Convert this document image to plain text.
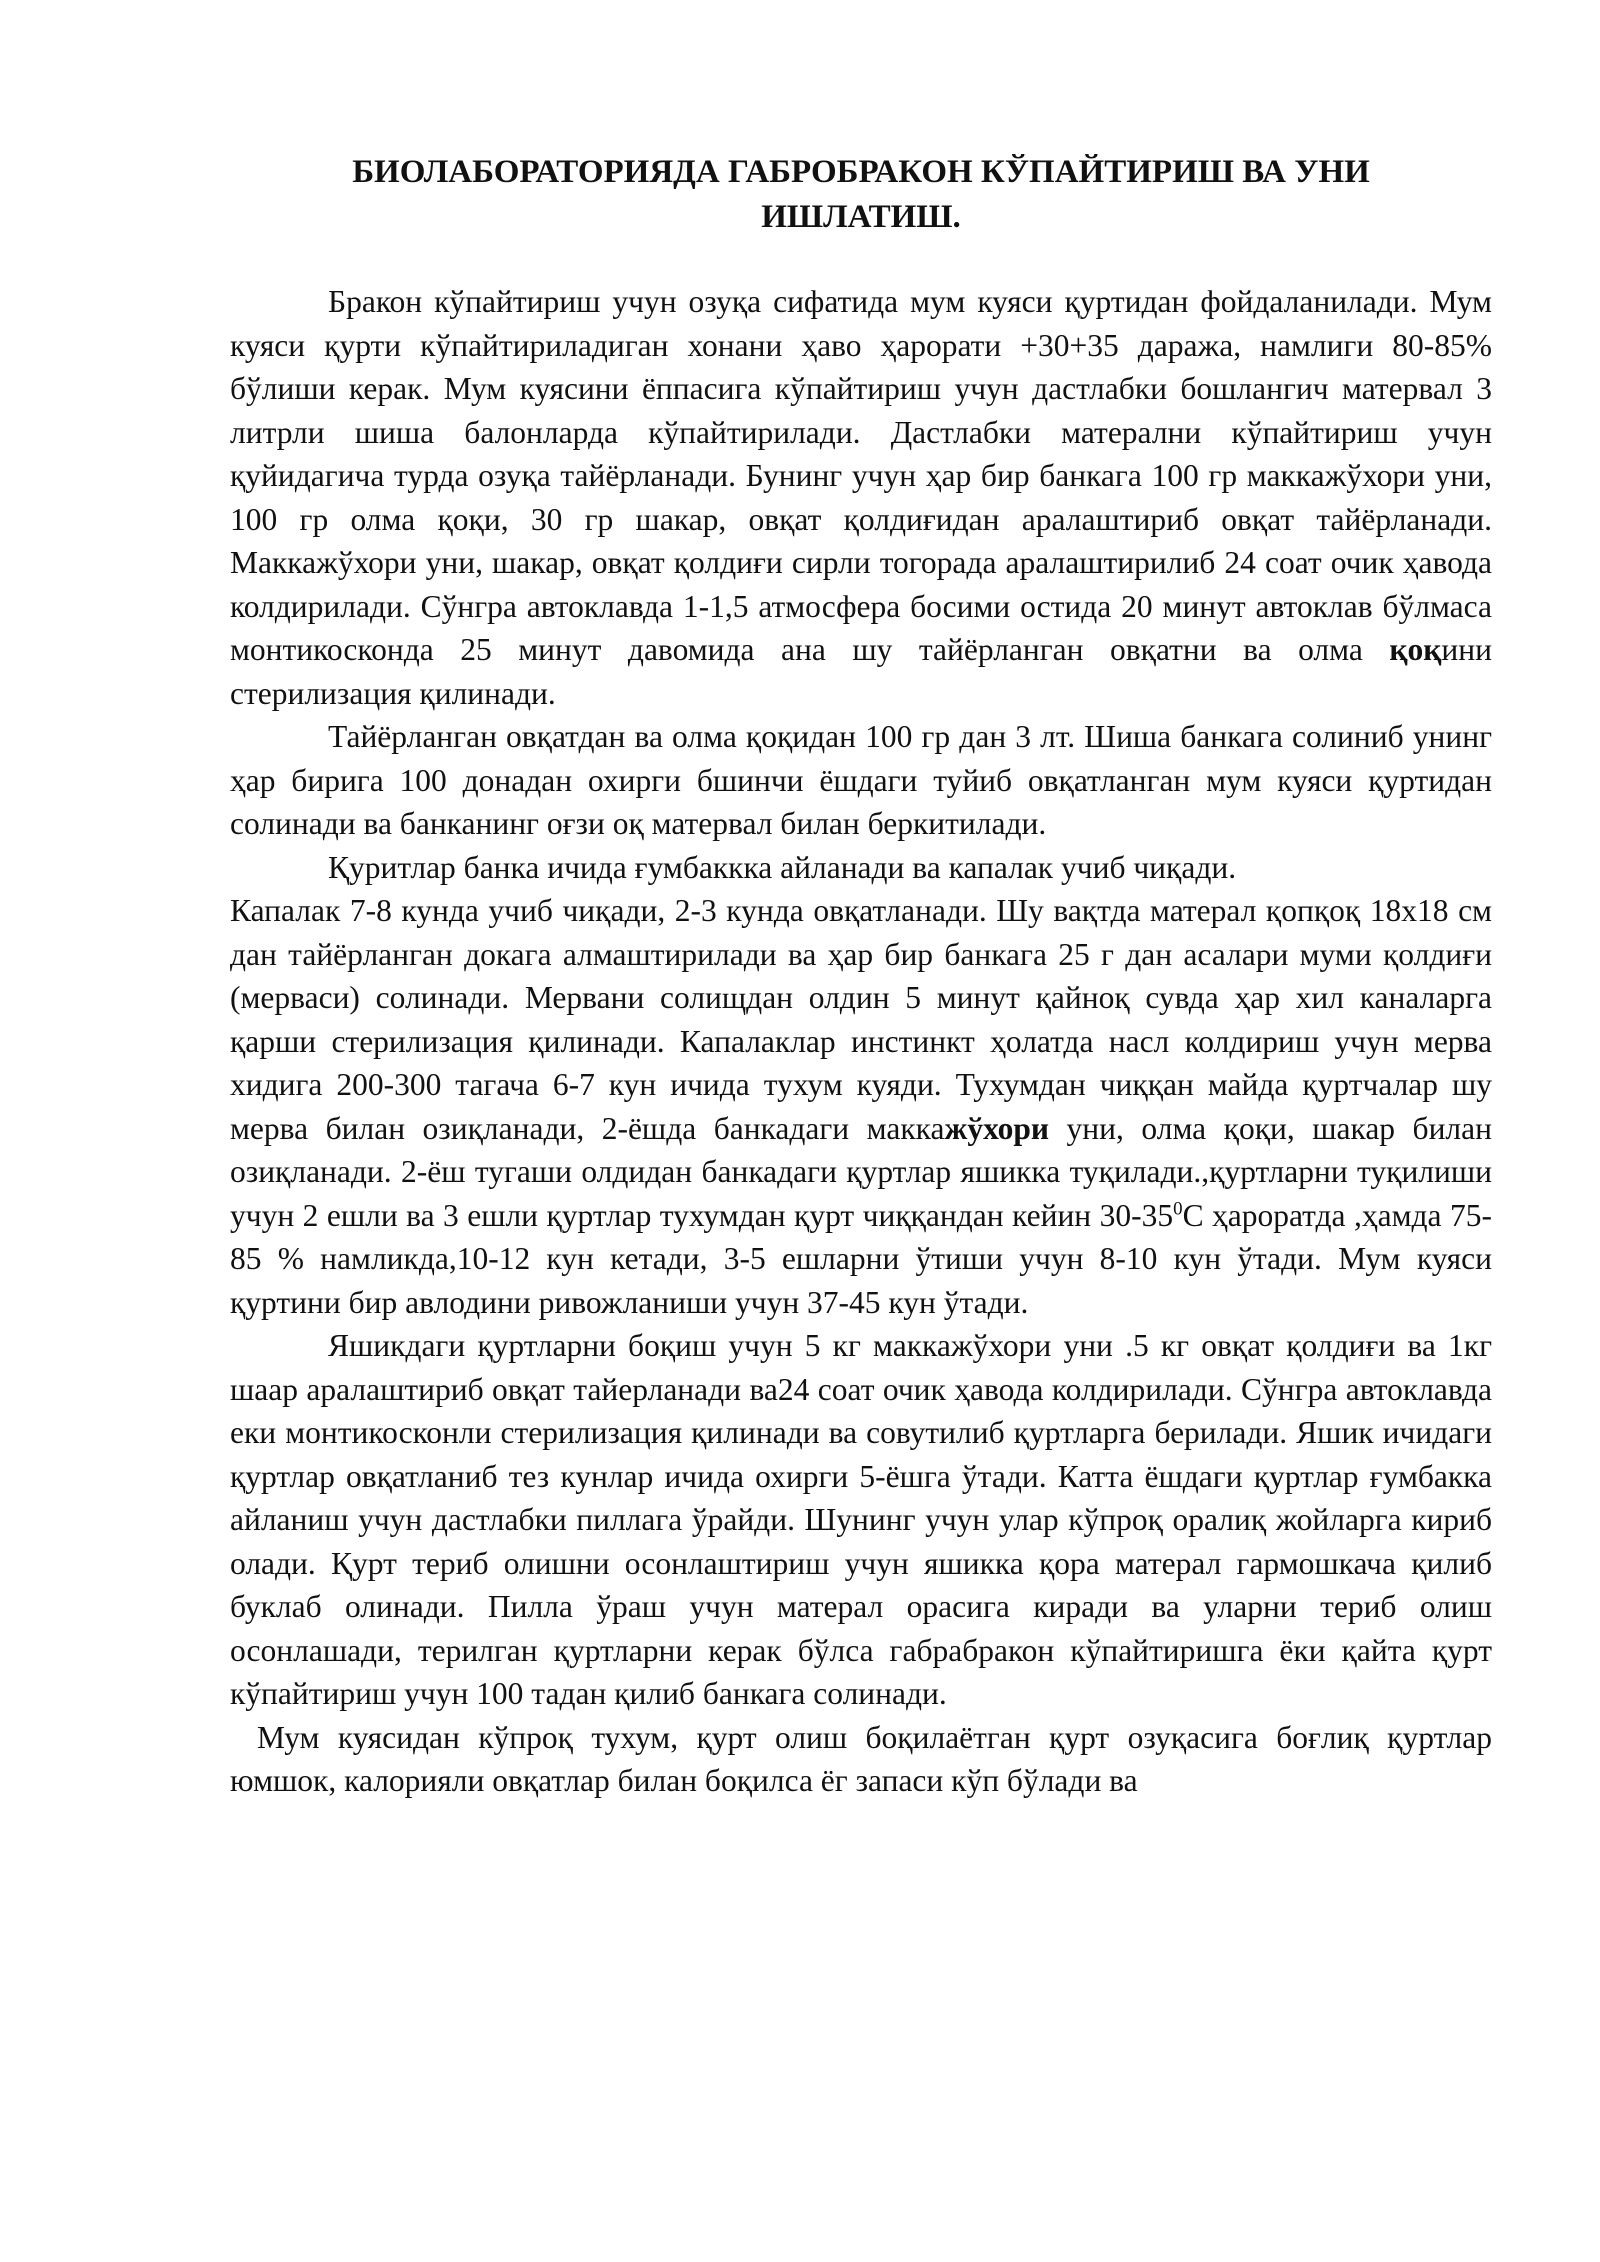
БИОЛАБОРАТОРИЯДА ГАБРОБРАКОН КЎПАЙТИРИШ ВА УНИ
ИШЛАТИШ.

Бракон кўпайтириш учун озуқа сифатида мум куяси қуртидан фойдаланилади. Мум куяси қурти кўпайтириладиган хонани ҳаво ҳарорати +30+35 даража, намлиги 80-85% бўлиши керак. Мум куясини ёппасига кўпайтириш учун дастлабки бошлангич матервал 3 литрли шиша балонларда кўпайтирилади. Дастлабки матерални кўпайтириш учун қуйидагича турда озуқа тайёрланади. Бунинг учун ҳар бир банкага 100 гр маккажўхори уни, 100 гр олма қоқи, 30 гр шакар, овқат қолдиғидан аралаштириб овқат тайёрланади. Маккажўхори уни, шакар, овқат қолдиғи сирли тогорада аралаштирилиб 24 соат очик ҳавода колдирилади. Сўнгра автоклавда 1-1,5 атмосфера босими остида 20 минут автоклав бўлмаса монтикосконда 25 минут давомида ана шу тайёрланган овқатни ва олма қоқини стерилизация қилинади.

Тайёрланган овқатдан ва олма қоқидан 100 гр дан 3 лт. Шиша банкага солиниб унинг ҳар бирига 100 донадан охирги бшинчи ёшдаги туйиб овқатланган мум куяси қуртидан солинади ва банканинг оғзи оқ матервал билан беркитилади.

Қуритлар банка ичида ғумбаккка айланади ва капалак учиб чиқади.

Капалак 7-8 кунда учиб чиқади, 2-3 кунда овқатланади. Шу вақтда матерал қопқоқ 18х18 см дан тайёрланган докага алмаштирилади ва ҳар бир банкага 25 г дан асалари муми қолдиғи (мерваси) солинади. Мервани солищдан олдин 5 минут қайноқ сувда ҳар хил каналарга қарши стерилизация қилинади. Капалаклар инстинкт ҳолатда насл колдириш учун мерва хидига 200-300 тагача 6-7 кун ичида тухум куяди. Тухумдан чиққан майда қуртчалар шу мерва билан озиқланади, 2-ёшда банкадаги маккажўхори уни, олма қоқи, шакар билан озиқланади. 2-ёш тугаши олдидан банкадаги қуртлар яшикка туқилади.,қуртларни туқилиши учун 2 ешли ва 3 ешли қуртлар тухумдан қурт чиққандан кейин $30-35^0С$ ҳароратда ,ҳамда 75-85 % намликда,10-12 кун кетади, 3-5 ешларни ўтиши учун 8-10 кун ўтади. Мум куяси қуртини бир авлодини ривожланиши учун 37-45 кун ўтади.

Яшикдаги қуртларни боқиш учун 5 кг маккажўхори уни .5 кг овқат қолдиғи ва 1кг шаар аралаштириб овқат тайерланади ва24 соат очик ҳавода колдирилади. Сўнгра автоклавда еки монтикосконли стерилизация қилинади ва совутилиб қуртларга берилади. Яшик ичидаги қуртлар овқатланиб тез кунлар ичида охирги 5-ёшга ўтади. Катта ёшдаги қуртлар ғумбакка айланиш учун дастлабки пиллага ўрайди. Шунинг учун улар кўпроқ оралиқ жойларга кириб олади. Қурт териб олишни осонлаштириш учун яшикка қора матерал гармошкача қилиб буклаб олинади. Пилла ўраш учун матерал орасига киради ва уларни териб олиш осонлашади, терилган қуртларни керак бўлса габрабракон кўпайтиришга ёки қайта қурт кўпайтириш учун 100 тадан қилиб банкага солинади.

Мум куясидан кўпроқ тухум, қурт олиш боқилаётган қурт озуқасига боғлиқ қуртлар юмшок, калорияли овқатлар билан боқилса ёг запаси кўп бўлади ва
